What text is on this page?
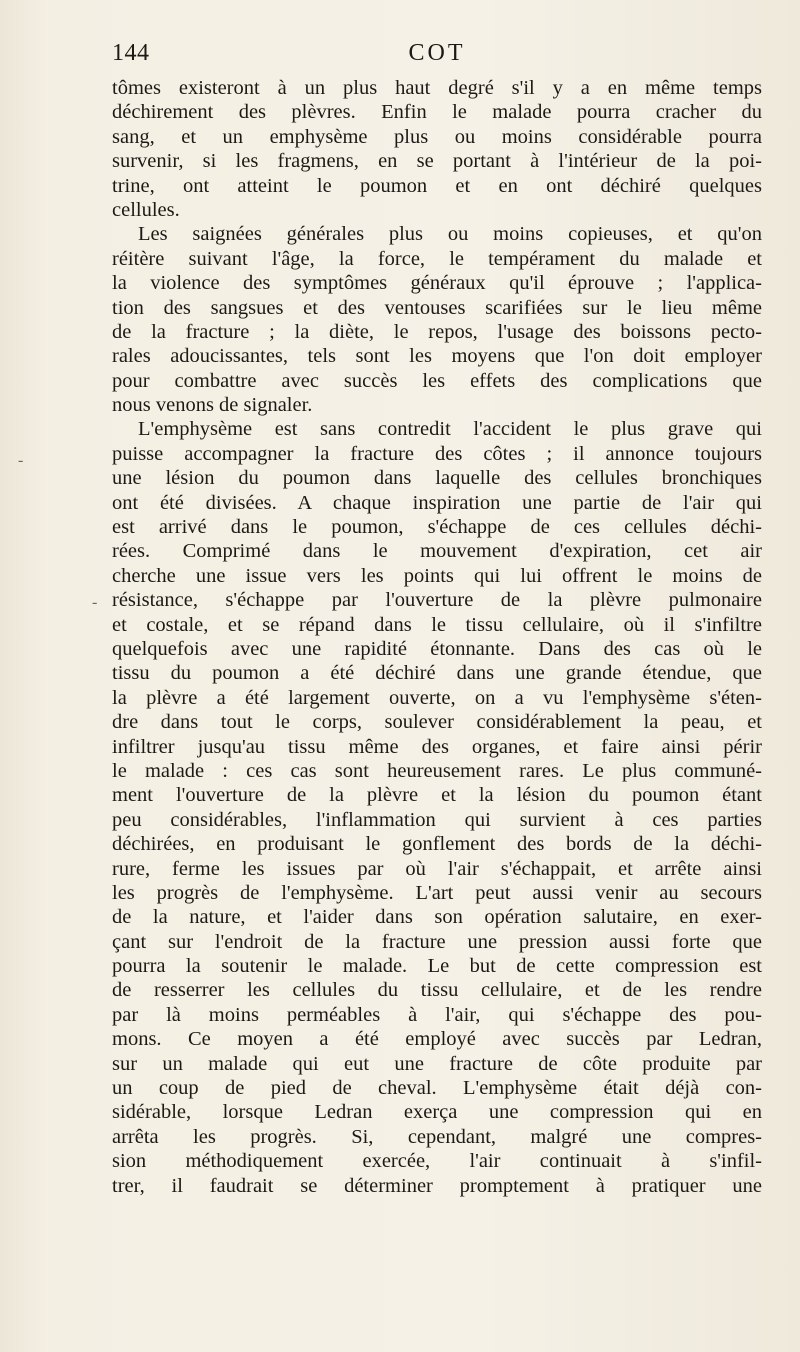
144	COT
-
-
tômes existeront à un plus haut degré s'il y a en même temps
déchirement des plèvres. Enfin le malade pourra cracher du
sang, et un emphysème plus ou moins considérable pourra
survenir, si les fragmens, en se portant à l'intérieur de la poi-
trine, ont atteint le poumon et en ont déchiré quelques
cellules.
Les saignées générales plus ou moins copieuses, et qu'on
réitère suivant l'âge, la force, le tempérament du malade et
la violence des symptômes généraux qu'il éprouve ; l'applica-
tion des sangsues et des ventouses scarifiées sur le lieu même
de la fracture ; la diète, le repos, l'usage des boissons pecto-
rales adoucissantes, tels sont les moyens que l'on doit employer
pour combattre avec succès les effets des complications que
nous venons de signaler.
L'emphysème est sans contredit l'accident le plus grave qui
puisse accompagner la fracture des côtes ; il annonce toujours
une lésion du poumon dans laquelle des cellules bronchiques
ont été divisées. A chaque inspiration une partie de l'air qui
est arrivé dans le poumon, s'échappe de ces cellules déchi-
rées. Comprimé dans le mouvement d'expiration, cet air
cherche une issue vers les points qui lui offrent le moins de
résistance, s'échappe par l'ouverture de la plèvre pulmonaire
et costale, et se répand dans le tissu cellulaire, où il s'infiltre
quelquefois avec une rapidité étonnante. Dans des cas où le
tissu du poumon a été déchiré dans une grande étendue, que
la plèvre a été largement ouverte, on a vu l'emphysème s'éten-
dre dans tout le corps, soulever considérablement la peau, et
infiltrer jusqu'au tissu même des organes, et faire ainsi périr
le malade : ces cas sont heureusement rares. Le plus communé-
ment l'ouverture de la plèvre et la lésion du poumon étant
peu considérables, l'inflammation qui survient à ces parties
déchirées, en produisant le gonflement des bords de la déchi-
rure, ferme les issues par où l'air s'échappait, et arrête ainsi
les progrès de l'emphysème. L'art peut aussi venir au secours
de la nature, et l'aider dans son opération salutaire, en exer-
çant sur l'endroit de la fracture une pression aussi forte que
pourra la soutenir le malade. Le but de cette compression est
de resserrer les cellules du tissu cellulaire, et de les rendre
par là moins perméables à l'air, qui s'échappe des pou-
mons. Ce moyen a été employé avec succès par Ledran,
sur un malade qui eut une fracture de côte produite par
un coup de pied de cheval. L'emphysème était déjà con-
sidérable, lorsque Ledran exerça une compression qui en
arrêta les progrès. Si, cependant, malgré une compres-
sion méthodiquement exercée, l'air continuait à s'infil-
trer, il faudrait se déterminer promptement à pratiquer une
